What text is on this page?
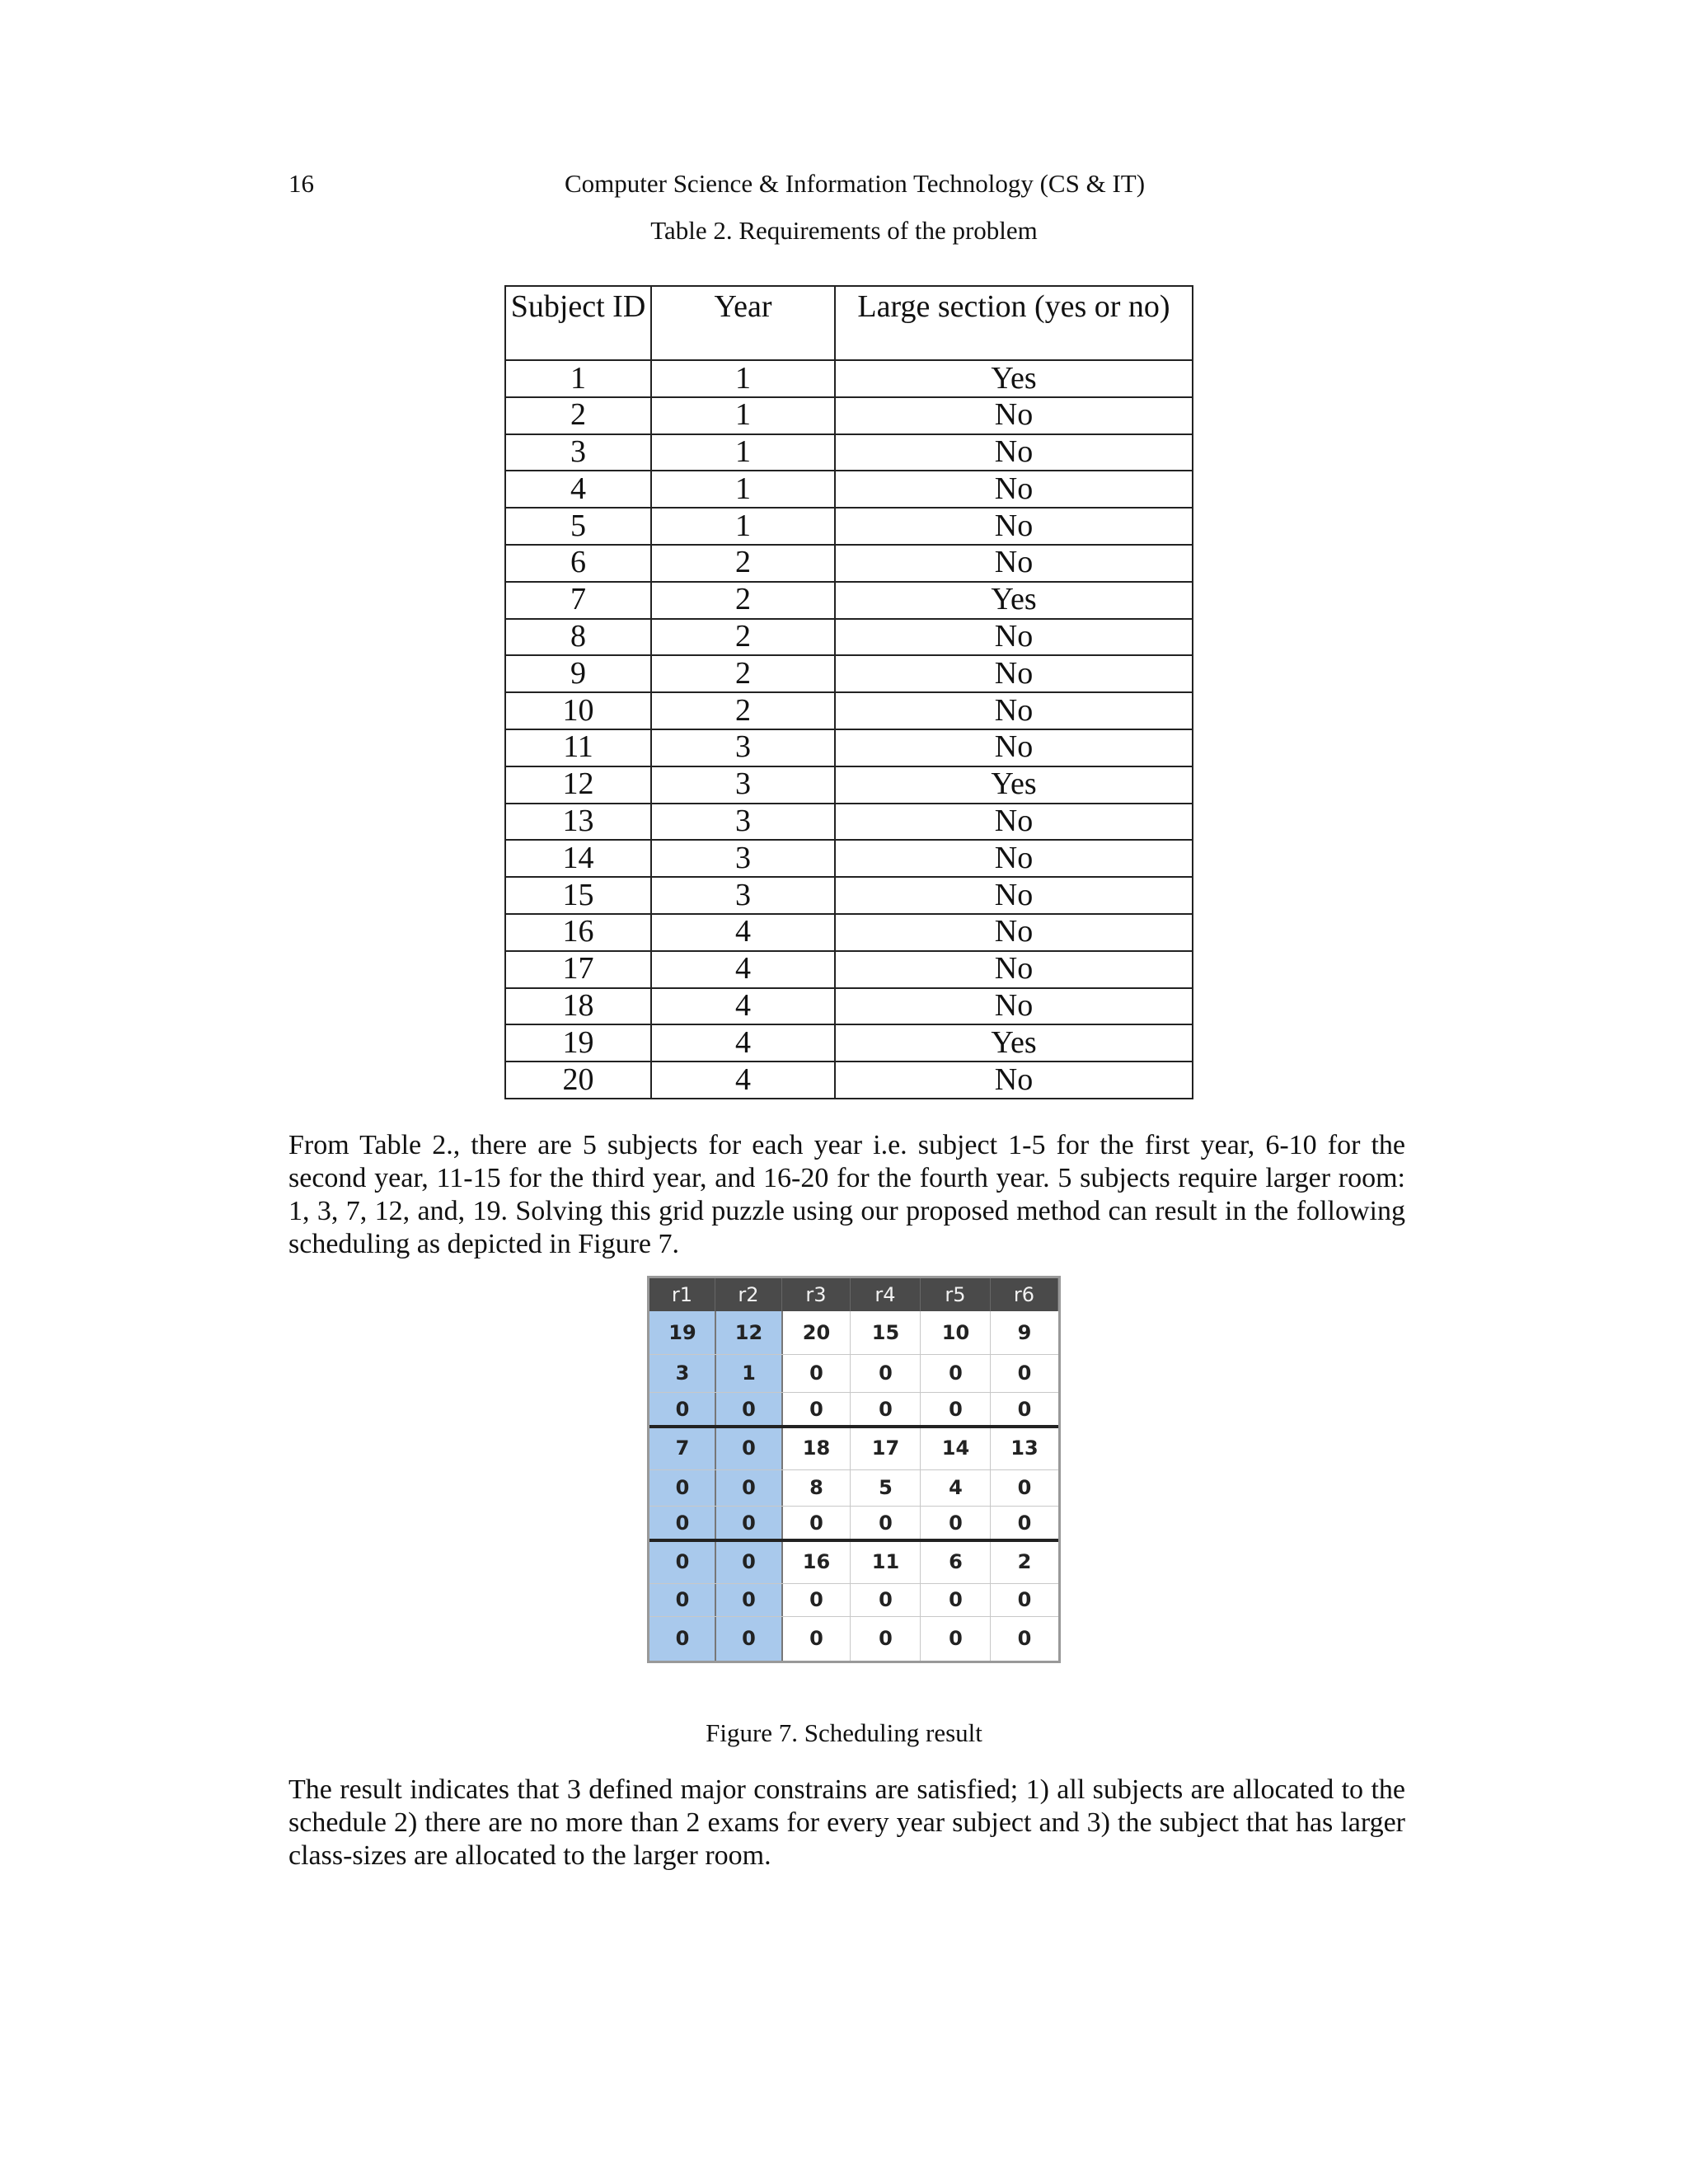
16	Computer Science & Information Technology (CS & IT)
Table 2. Requirements of the problem
Subject ID	Year	Large section (yes or no)
1	1	Yes
2	1	No
3	1	No
4	1	No
5	1	No
6	2	No
7	2	Yes
8	2	No
9	2	No
10	2	No
11	3	No
12	3	Yes
13	3	No
14	3	No
15	3	No
16	4	No
17	4	No
18	4	No
19	4	Yes
20	4	No

From Table 2., there are 5 subjects for each year i.e. subject 1-5 for the first year, 6-10 for the second year, 11-15 for the third year, and 16-20 for the fourth year. 5 subjects require larger room: 1, 3, 7, 12, and, 19. Solving this grid puzzle using our proposed method can result in the following scheduling as depicted in Figure 7.

r1	r2	r3	r4	r5	r6
19	12	20	15	10	9
3	1	0	0	0	0
0	0	0	0	0	0
7	0	18	17	14	13
0	0	8	5	4	0
0	0	0	0	0	0
0	0	16	11	6	2
0	0	0	0	0	0
0	0	0	0	0	0
Figure 7. Scheduling result

The result indicates that 3 defined major constrains are satisfied; 1) all subjects are allocated to the schedule 2) there are no more than 2 exams for every year subject and 3) the subject that has larger class-sizes are allocated to the larger room.
